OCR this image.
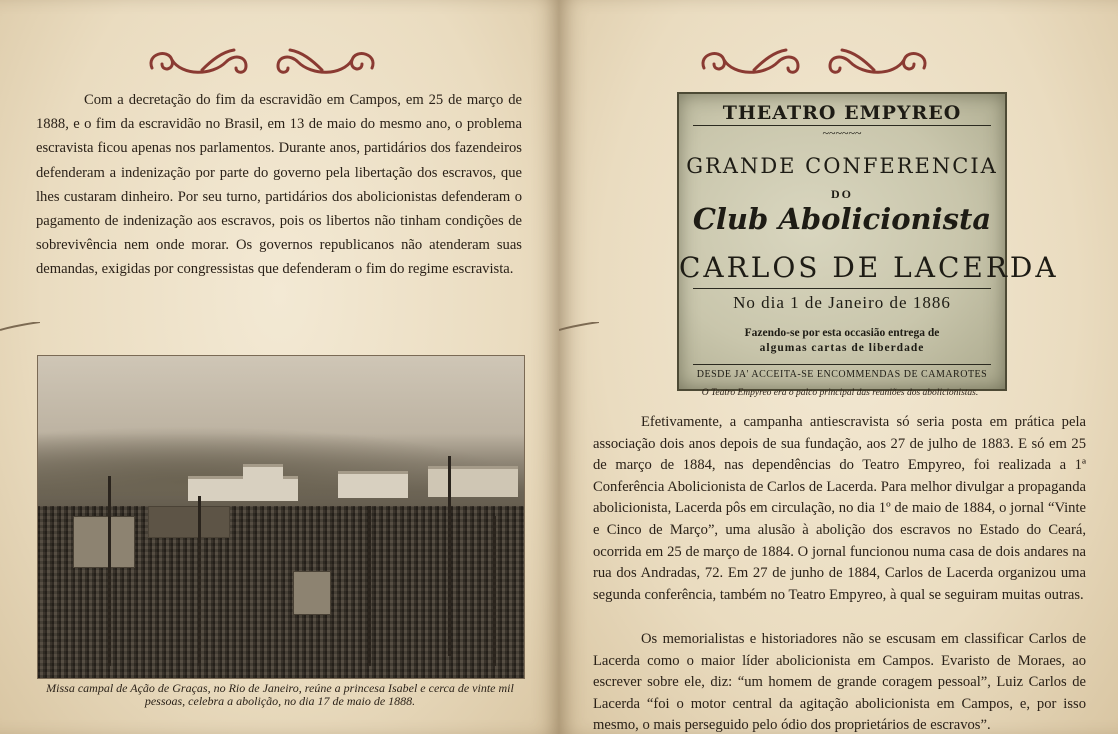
Com a decretação do fim da escravidão em Campos, em 25 de março de 1888, e o fim da escravidão no Brasil, em 13 de maio do mesmo ano, o problema escravista ficou apenas nos parlamentos. Durante anos, partidários dos fazendeiros defenderam a indenização por parte do governo pela libertação dos escravos, que lhes custaram dinheiro. Por seu turno, partidários dos abolicionistas defenderam o pagamento de indenização aos escravos, pois os libertos não tinham condições de sobrevivência nem onde morar. Os governos republicanos não atenderam suas demandas, exigidas por congressistas que defenderam o fim do regime escravista.

Missa campal de Ação de Graças, no Rio de Janeiro, reúne a princesa Isabel e cerca de vinte mil pessoas, celebra a abolição, no dia 17 de maio de 1888.

THEATRO EMPYREO
~~~~~~
GRANDE CONFERENCIA
DO
Club Abolicionista
CARLOS DE LACERDA
No dia 1 de Janeiro de 1886
Fazendo-se por esta occasião entrega de
algumas cartas de liberdade
DESDE JA' ACCEITA-SE ENCOMMENDAS DE CAMAROTES

O Teatro Empyreo era o palco principal das reuniões dos abolicionistas.

Efetivamente, a campanha antiescravista só seria posta em prática pela associação dois anos depois de sua fundação, aos 27 de julho de 1883. E só em 25 de março de 1884, nas dependências do Teatro Empyreo, foi realizada a 1ª Conferência Abolicionista de Carlos de Lacerda. Para melhor divulgar a propaganda abolicionista, Lacerda pôs em circulação, no dia 1º de maio de 1884, o jornal “Vinte e Cinco de Março”, uma alusão à abolição dos escravos no Estado do Ceará, ocorrida em 25 de março de 1884. O jornal funcionou numa casa de dois andares na rua dos Andradas, 72. Em 27 de junho de 1884, Carlos de Lacerda organizou uma segunda conferência, também no Teatro Empyreo, à qual se seguiram muitas outras.

Os memorialistas e historiadores não se escusam em classificar Carlos de Lacerda como o maior líder abolicionista em Campos. Evaristo de Moraes, ao escrever sobre ele, diz: “um homem de grande coragem pessoal”, Luiz Carlos de Lacerda “foi o motor central da agitação abolicionista em Campos, e, por isso mesmo, o mais perseguido pelo ódio dos proprietários de escravos”.
